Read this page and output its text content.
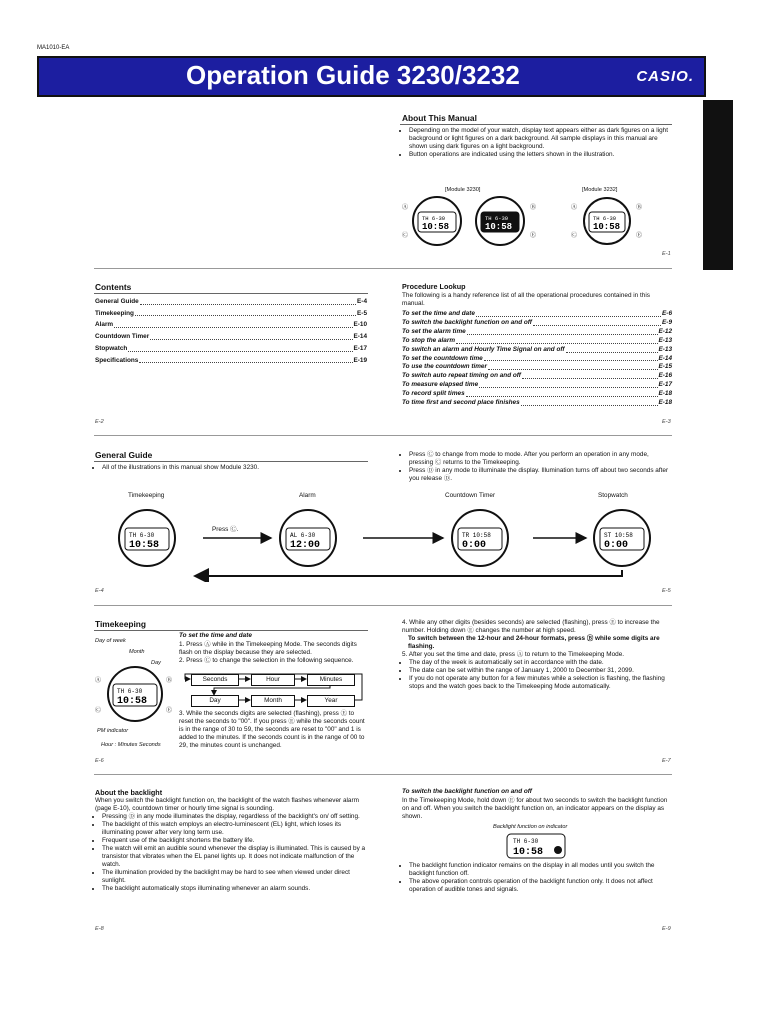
MA1010-EA
Operation Guide 3230/3232	CASIO.
About This Manual
• Depending on the model of your watch, display text appears either as dark figures on a light background or light figures on a dark background. All sample displays in this manual are shown using dark figures on a light background.
• Button operations are indicated using the letters shown in the illustration.
[Module 3230]	[Module 3232]
TH 6-30
10:58
TH 6-30
10:58
Ⓐ
Ⓒ
Ⓑ
Ⓔ
TH 6-30
10:58
Ⓐ
Ⓒ
Ⓑ
Ⓔ
E-1
Contents
General Guide	E-4
Timekeeping	E-5
Alarm	E-10
Countdown Timer	E-14
Stopwatch	E-17
Specifications	E-19
E-2
Procedure Lookup
The following is a handy reference list of all the operational procedures contained in this manual.
To set the time and date	E-6
To switch the backlight function on and off	E-9
To set the alarm time	E-12
To stop the alarm	E-13
To switch an alarm and Hourly Time Signal on and off	E-13
To set the countdown time	E-14
To use the countdown timer	E-15
To switch auto repeat timing on and off	E-16
To measure elapsed time	E-17
To record split times	E-18
To time first and second place finishes	E-18
E-3
General Guide
• All of the illustrations in this manual show Module 3230.
• Press Ⓒ to change from mode to mode. After you perform an operation in any mode, pressing Ⓒ returns to the Timekeeping.
• Press Ⓓ in any mode to illuminate the display. Illumination turns off about two seconds after you release Ⓓ.
Timekeeping	Alarm	Countdown Timer	Stopwatch
Press Ⓒ.
TH 6-30
10:58
AL 6-30
12:00
TR 10:58
0:00
ST 10:58
0:00
E-4	E-5
Timekeeping
Day of week
Month
Day
TH 6-30
10:58
Ⓐ
Ⓒ
Ⓑ
Ⓔ
PM indicator
Hour : Minutes Seconds
To set the time and date
1. Press Ⓐ while in the Timekeeping Mode. The seconds digits flash on the display because they are selected.
2. Press Ⓒ to change the selection in the following sequence.
Seconds	Hour	Minutes
Day	Month	Year
3. While the seconds digits are selected (flashing), press Ⓔ to reset the seconds to "00". If you press Ⓔ while the seconds count is in the range of 30 to 59, the seconds are reset to "00" and 1 is added to the minutes. If the seconds count is in the range of 00 to 29, the minutes count is unchanged.
4. While any other digits (besides seconds) are selected (flashing), press Ⓔ to increase the number. Holding down Ⓔ changes the number at high speed.
To switch between the 12-hour and 24-hour formats, press Ⓑ while some digits are flashing.
5. After you set the time and date, press Ⓐ to return to the Timekeeping Mode.
• The day of the week is automatically set in accordance with the date.
• The date can be set within the range of January 1, 2000 to December 31, 2099.
• If you do not operate any button for a few minutes while a selection is flashing, the flashing stops and the watch goes back to the Timekeeping Mode automatically.
E-6	E-7
About the backlight
When you switch the backlight function on, the backlight of the watch flashes whenever alarm (page E-10), countdown timer or hourly time signal is sounding.
• Pressing Ⓓ in any mode illuminates the display, regardless of the backlight's on/ off setting.
• The backlight of this watch employs an electro-luminescent (EL) light, which loses its illuminating power after very long term use.
• Frequent use of the backlight shortens the battery life.
• The watch will emit an audible sound whenever the display is illuminated. This is caused by a transistor that vibrates when the EL panel lights up. It does not indicate malfunction of the watch.
• The illumination provided by the backlight may be hard to see when viewed under direct sunlight.
• The backlight automatically stops illuminating whenever an alarm sounds.
To switch the backlight function on and off
In the Timekeeping Mode, hold down Ⓔ for about two seconds to switch the backlight function on and off. When you switch the backlight function on, an indicator appears on the display as shown.
Backlight function on indicator
TH 6-30
10:58
• The backlight function indicator remains on the display in all modes until you switch the backlight function off.
• The above operation controls operation of the backlight function only. It does not affect operation of audible tones and signals.
E-8	E-9
